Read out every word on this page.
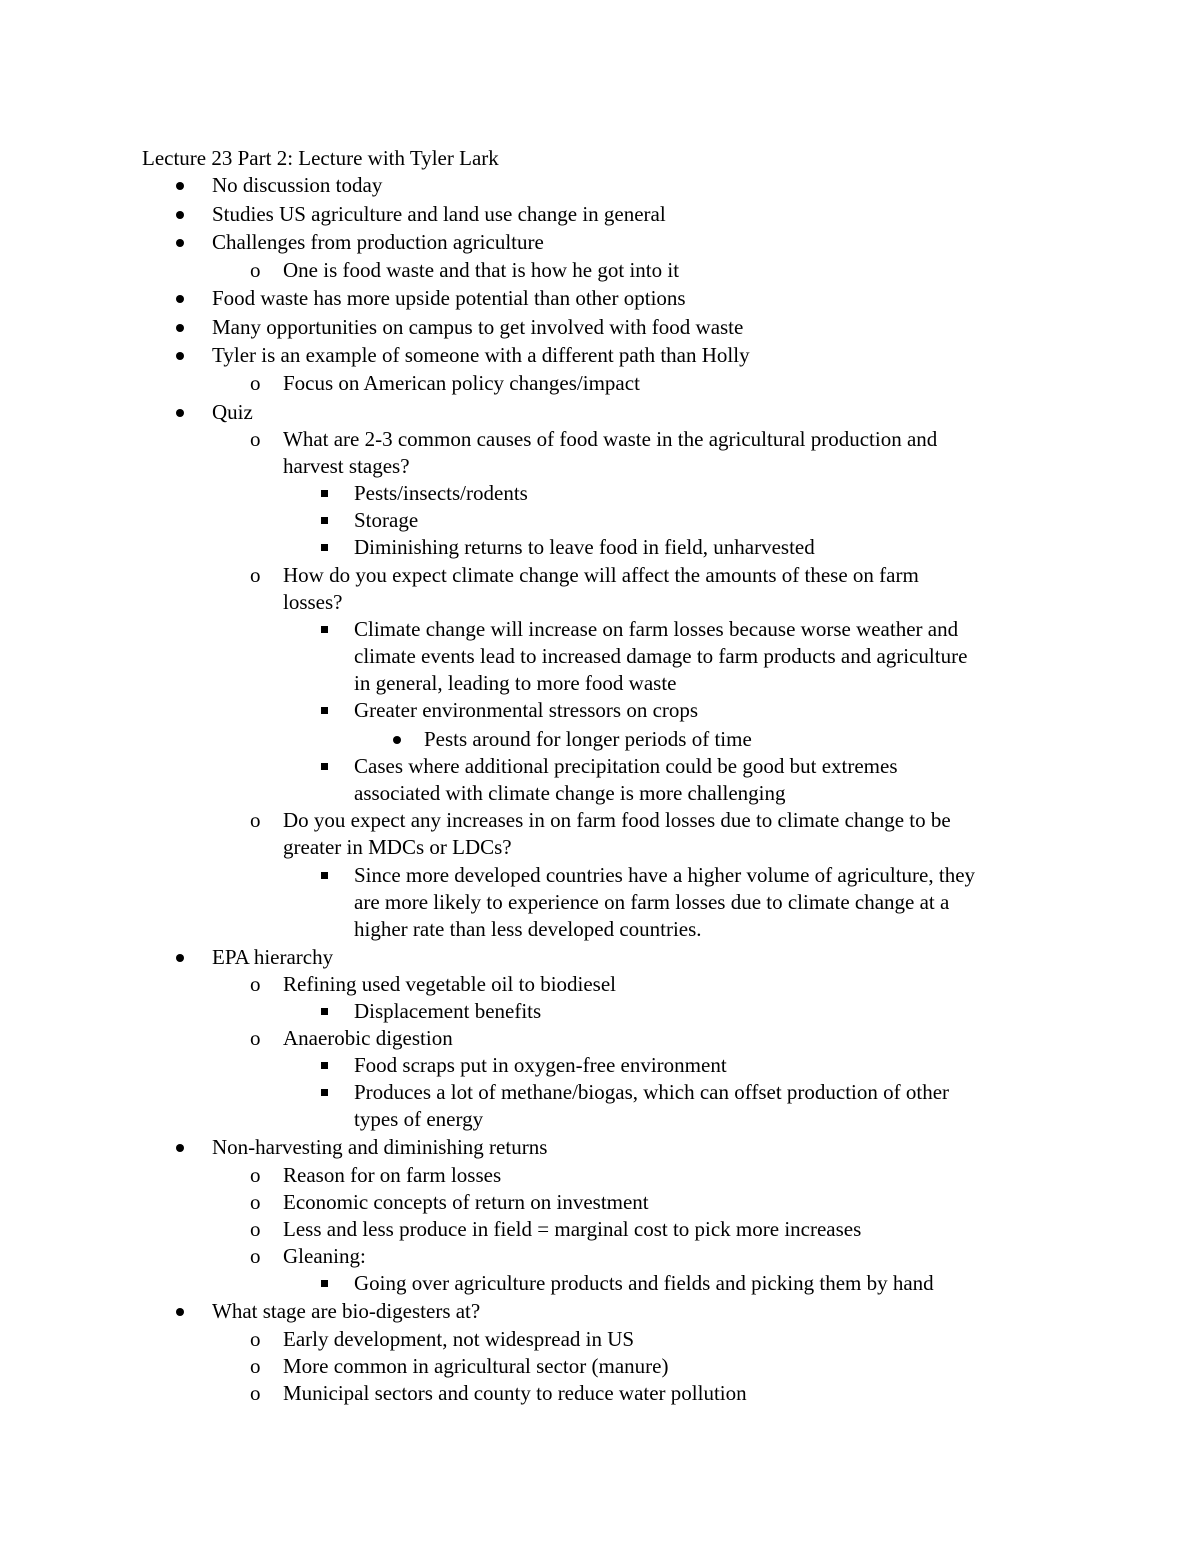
Lecture 23 Part 2: Lecture with Tyler Lark
No discussion today
Studies US agriculture and land use change in general
Challenges from production agriculture
o One is food waste and that is how he got into it
Food waste has more upside potential than other options
Many opportunities on campus to get involved with food waste
Tyler is an example of someone with a different path than Holly
o Focus on American policy changes/impact
Quiz
o What are 2-3 common causes of food waste in the agricultural production and
harvest stages?
Pests/insects/rodents
Storage
Diminishing returns to leave food in field, unharvested
o How do you expect climate change will affect the amounts of these on farm
losses?
Climate change will increase on farm losses because worse weather and
climate events lead to increased damage to farm products and agriculture
in general, leading to more food waste
Greater environmental stressors on crops
Pests around for longer periods of time
Cases where additional precipitation could be good but extremes
associated with climate change is more challenging
o Do you expect any increases in on farm food losses due to climate change to be
greater in MDCs or LDCs?
Since more developed countries have a higher volume of agriculture, they
are more likely to experience on farm losses due to climate change at a
higher rate than less developed countries.
EPA hierarchy
o Refining used vegetable oil to biodiesel
Displacement benefits
o Anaerobic digestion
Food scraps put in oxygen-free environment
Produces a lot of methane/biogas, which can offset production of other
types of energy
Non-harvesting and diminishing returns
o Reason for on farm losses
o Economic concepts of return on investment
o Less and less produce in field = marginal cost to pick more increases
o Gleaning:
Going over agriculture products and fields and picking them by hand
What stage are bio-digesters at?
o Early development, not widespread in US
o More common in agricultural sector (manure)
o Municipal sectors and county to reduce water pollution
